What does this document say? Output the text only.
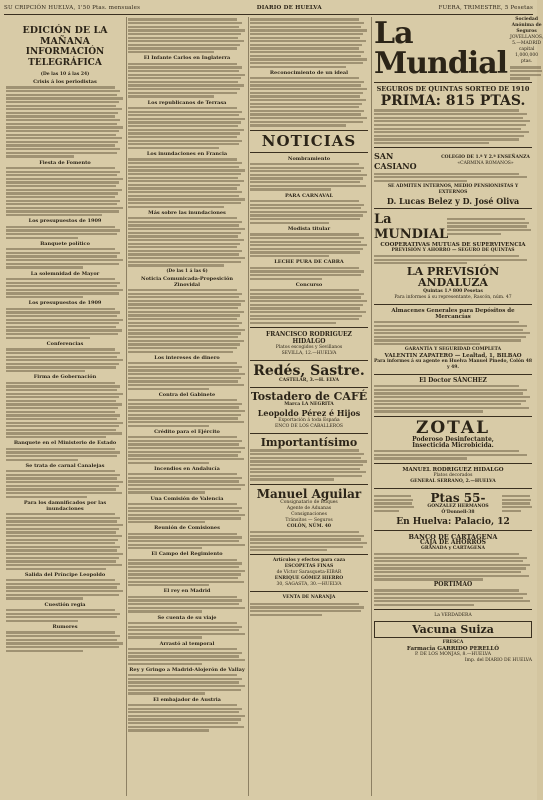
SU CRIPCIÓN HUELVA, 1'50 Ptas. mensuales	DIARIO DE HUELVA	FUERA, TRIMESTRE, 5 Pesetas
EDICIÓN DE LA MAÑANA
INFORMACIÓN TELEGRÁFICA
(De las 10 á las 24)
Crisis á los periodistas
Fiesta de Fomento
Los presupuestos de 1909
Banquete político
La solemnidad de Mayor
Los presupuestos de 1909
Conferencias
Firma de Gobernación
Banquete en el Ministerio de Estado
Se trata de carnal Canalejas
Para los damnificados por las inundaciones
Salida del Príncipe Leopoldo
Cuestión regia
Rumores
El Infante Carlos en Inglaterra
Los republicanos de Terrasa
Los inundaciones en Francia
Más sobre las inundaciones
(De las 1 á las 6)
Noticia Comunicada-Propesición Zinovidal
Los intereses de dinero
Contra del Gabinete
Crédito para el Ejército
Incendios en Andalucía
Una Comisión de Valencia
Reunión de Comisiones
El Campo del Regimiento
El rey en Madrid
Se cuenta de su viaje
Arrastó al temporal
Rey y Gringo a Madrid-Alojerón de Vallay
El embajador de Austria
Reconocimiento de un ideal
NOTICIAS
Nombramiento
PARA CARNAVAL
Modista titular
LECHE PURA DE CABRA
Concurso
FRANCISCO RODRIGUEZ HIDALGO
Platos escogidos y Sevillanos
SEVILLA, 12.—HUELVA
Redés, Sastre.
CASTELAR, 3.—H. ELVA
Tostadero de CAFÉ
Marca LA NEGRITA
Leopoldo Pérez é Hijos
Exportación á toda España
ENCO DE LOS CABALLEROS
Importantísimo
Manuel Aguilar
Consignatario de Buques
Agente de Aduanas
Consignaciones
Tránsitos — Seguros
COLÓN, NÚM. 40
Artículos y efectos para caza
ESCOPETAS FINAS
de Víctor Sarasqueta-EIBAR
ENRIQUE GÓMEZ HIERRO
30, SAGASTA, 30.—HUELVA
VENTA DE NARANJA
La Mundial
Sociedad Anónima de Seguros
JOVELLANOS, 5.—MADRID
capital 1,000,000 ptas.
SEGUROS DE QUINTAS SORTEO DE 1910
PRIMA: 815 PTAS.
SAN CASIANO
COLEGIO DE 1.ª Y 2.ª ENSEÑANZA
«CARMINA ROMANOS»
SE ADMITEN INTERNOS, MEDIO PENSIONISTAS Y EXTERNOS
D. Lucas Belez y D. José Oliva
La MUNDIAL
COOPERATIVAS MUTUAS DE SUPERVIVENCIA
PREVISIÓN Y AHORRO — SEGURO DE QUINTAS
LA PREVISIÓN ANDALUZA
Quintas 1.ª 800 Pesetas
Para informes á su representante, Rascón, núm. 47
Almacenes Generales para Depósitos de Mercancías
GARANTÍA Y SEGURIDAD COMPLETA
VALENTIN ZAPATERO — Lealtad, 1, BILBAO
Para informes á su agente en Huelva Manuel Pinedo, Colón 48 y 49.
El Doctor SÁNCHEZ
ZOTAL
Poderoso Desinfectante,
Insecticida Microbicida.
MANUEL RODRIGUEZ HIDALGO
Platos decorados
GENERAL SERRANO, 2.—HUELVA
Ptas 55-
GONZALEZ HERMANOS
Ó'Donnell-38
En Huelva: Palacio, 12
BANCO DE CARTAGENA
CAJA DE AHORROS
GRANADA y CARTAGENA
PORTIMAO
La VERDADERA
Vacuna Suiza
FRESCA
Farmacia GARRIDO PERELLÓ
P. DE LOS MONJAS, 8.—HUELVA
Imp. del DIARIO DE HUELVA
